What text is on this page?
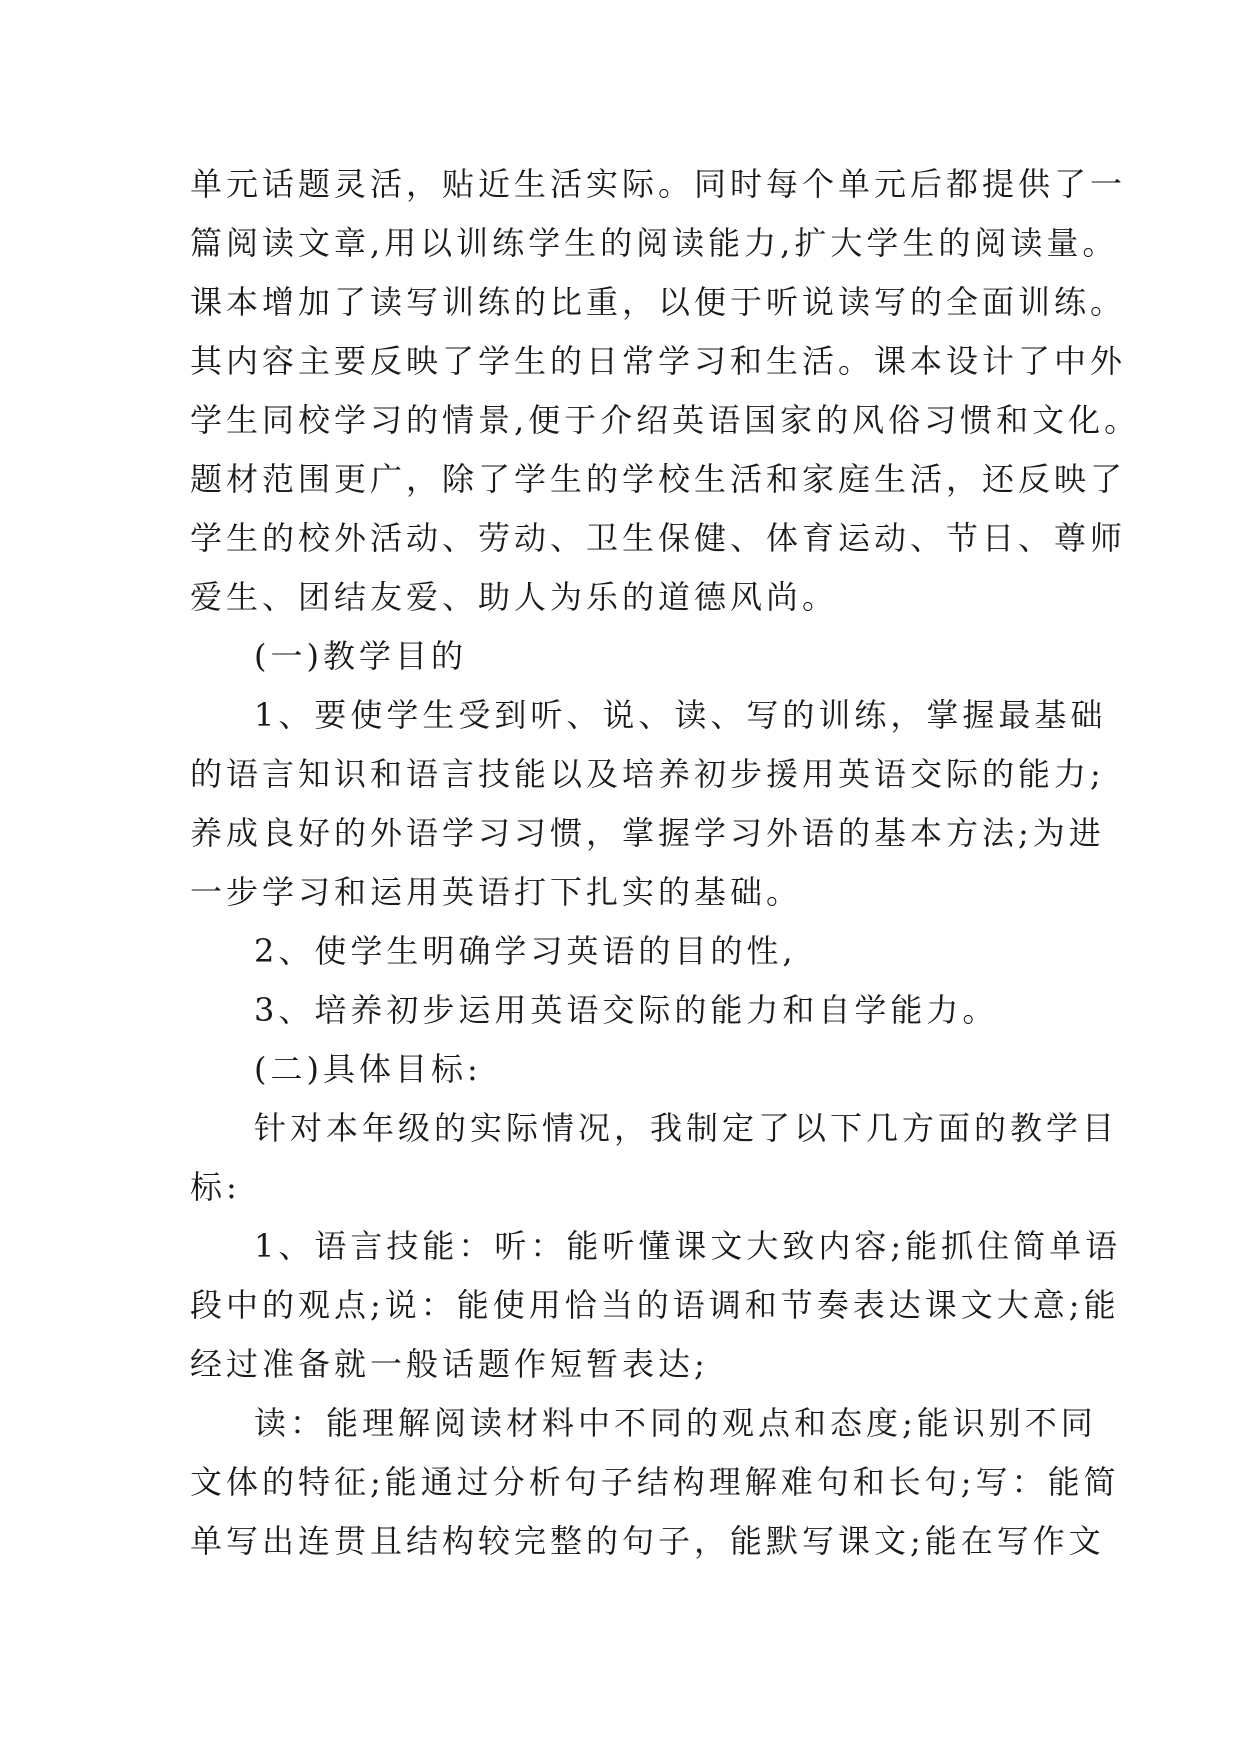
单元话题灵活，贴近生活实际。同时每个单元后都提供了一
篇阅读文章,用以训练学生的阅读能力,扩大学生的阅读量。
课本增加了读写训练的比重，以便于听说读写的全面训练。
其内容主要反映了学生的日常学习和生活。课本设计了中外
学生同校学习的情景,便于介绍英语国家的风俗习惯和文化。
题材范围更广，除了学生的学校生活和家庭生活，还反映了
学生的校外活动、劳动、卫生保健、体育运动、节日、尊师
爱生、团结友爱、助人为乐的道德风尚。
(一)教学目的
1、要使学生受到听、说、读、写的训练，掌握最基础
的语言知识和语言技能以及培养初步援用英语交际的能力;
养成良好的外语学习习惯，掌握学习外语的基本方法;为进
一步学习和运用英语打下扎实的基础。
2、使学生明确学习英语的目的性,
3、培养初步运用英语交际的能力和自学能力。
(二)具体目标:
针对本年级的实际情况，我制定了以下几方面的教学目
标:
1、语言技能：听：能听懂课文大致内容;能抓住简单语
段中的观点;说：能使用恰当的语调和节奏表达课文大意;能
经过准备就一般话题作短暂表达;
读：能理解阅读材料中不同的观点和态度;能识别不同
文体的特征;能通过分析句子结构理解难句和长句;写：能简
单写出连贯且结构较完整的句子，能默写课文;能在写作文
